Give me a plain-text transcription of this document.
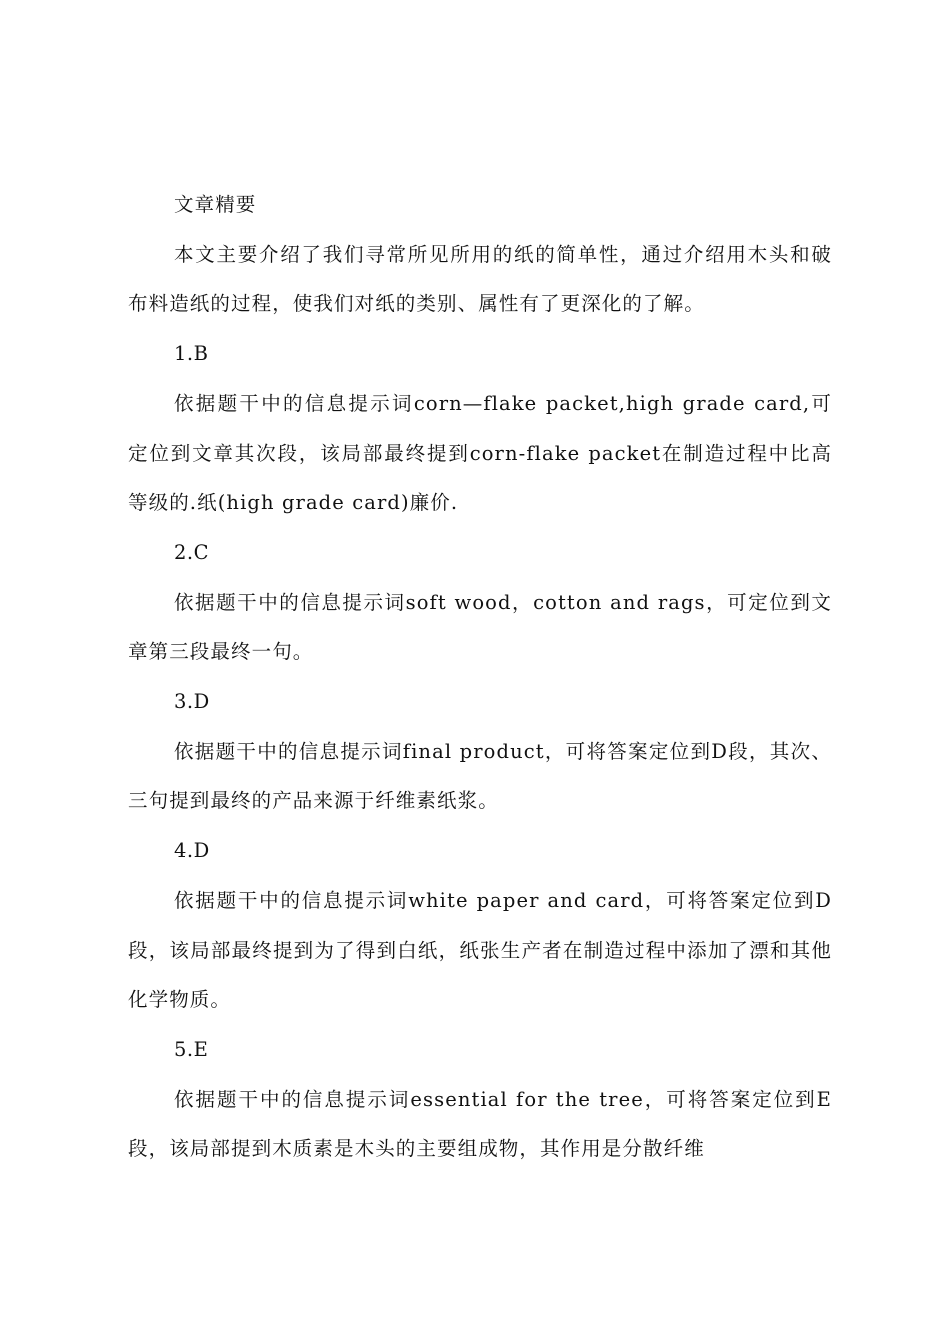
文章精要

本文主要介绍了我们寻常所见所用的纸的简单性，通过介绍用木头和破布料造纸的过程，使我们对纸的类别、属性有了更深化的了解。

1.B

依据题干中的信息提示词corn—flake packet,high grade card,可定位到文章其次段，该局部最终提到corn-flake packet在制造过程中比高等级的.纸(high grade card)廉价.

2.C

依据题干中的信息提示词soft wood，cotton and rags，可定位到文章第三段最终一句。

3.D

依据题干中的信息提示词final product，可将答案定位到D段，其次、三句提到最终的产品来源于纤维素纸浆。

4.D

依据题干中的信息提示词white paper and card，可将答案定位到D段，该局部最终提到为了得到白纸，纸张生产者在制造过程中添加了漂和其他化学物质。

5.E

依据题干中的信息提示词essential for the tree，可将答案定位到E段，该局部提到木质素是木头的主要组成物，其作用是分散纤维
